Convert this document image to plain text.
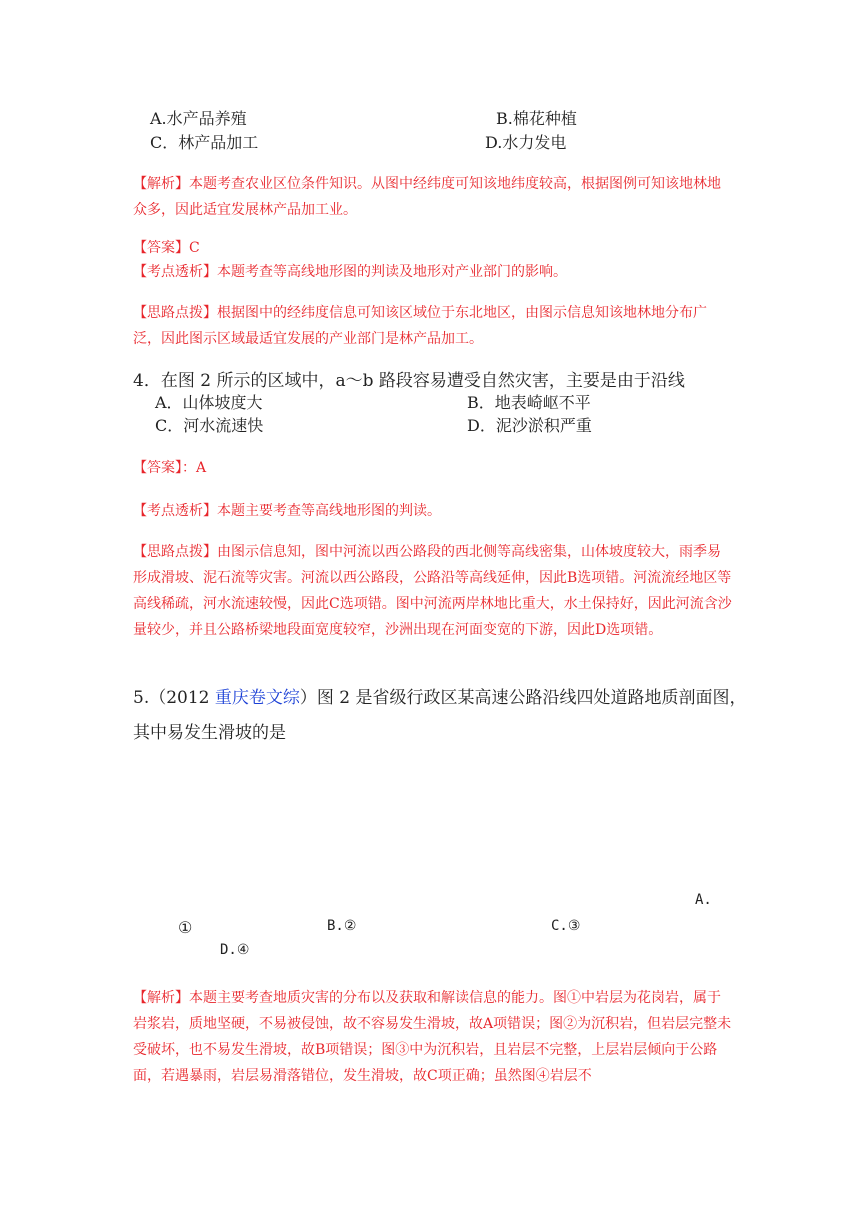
A.水产品养殖	B.棉花种植
C．林产品加工	D.水力发电
【解析】本题考查农业区位条件知识。从图中经纬度可知该地纬度较高，根据图例可知该地林地众多，因此适宜发展林产品加工业。
【答案】C
【考点透析】本题考查等高线地形图的判读及地形对产业部门的影响。
【思路点拨】根据图中的经纬度信息可知该区域位于东北地区，由图示信息知该地林地分布广泛，因此图示区域最适宜发展的产业部门是林产品加工。
4．在图 2 所示的区域中，a～b 路段容易遭受自然灾害，主要是由于沿线
A．山体坡度大	B．地表崎岖不平
C．河水流速快	D．泥沙淤积严重
【答案】：A
【考点透析】本题主要考查等高线地形图的判读。
【思路点拨】由图示信息知，图中河流以西公路段的西北侧等高线密集，山体坡度较大，雨季易形成滑坡、泥石流等灾害。河流以西公路段，公路沿等高线延伸，因此B选项错。河流流经地区等高线稀疏，河水流速较慢，因此C选项错。图中河流两岸林地比重大，水土保持好，因此河流含沙量较少，并且公路桥梁地段面宽度较窄，沙洲出现在河面变宽的下游，因此D选项错。
5.（2012 重庆卷文综）图 2 是省级行政区某高速公路沿线四处道路地质剖面图，
其中易发生滑坡的是
A.
①	B.②	C.③
D.④
【解析】本题主要考查地质灾害的分布以及获取和解读信息的能力。图①中岩层为花岗岩，属于岩浆岩，质地坚硬，不易被侵蚀，故不容易发生滑坡，故A项错误；图②为沉积岩，但岩层完整未受破坏，也不易发生滑坡，故B项错误；图③中为沉积岩，且岩层不完整，上层岩层倾向于公路面，若遇暴雨，岩层易滑落错位，发生滑坡，故C项正确；虽然图④岩层不
